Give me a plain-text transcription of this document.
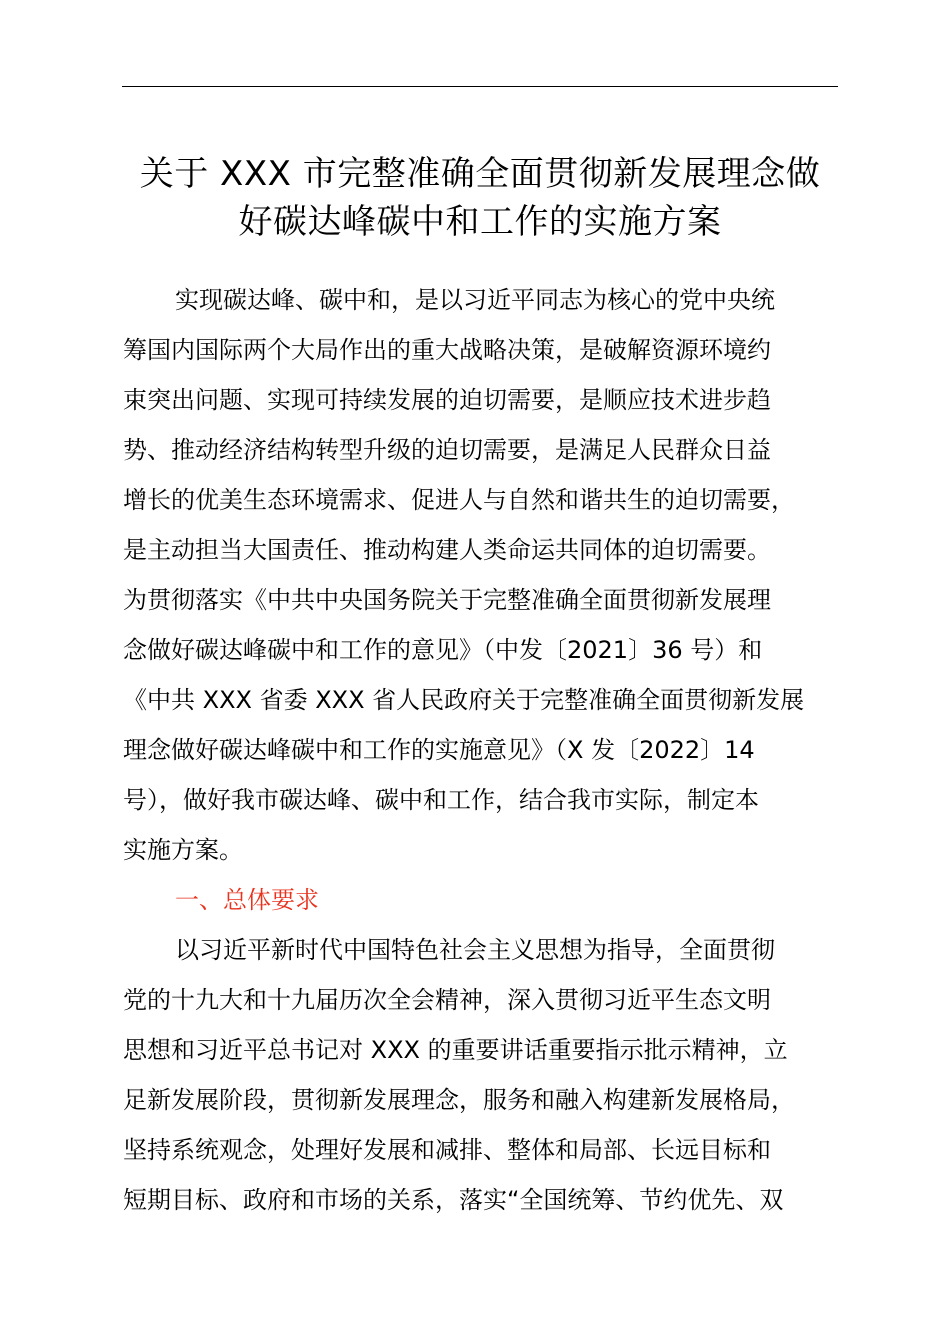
关于 XXX 市完整准确全面贯彻新发展理念做
好碳达峰碳中和工作的实施方案
实现碳达峰、碳中和，是以习近平同志为核心的党中央统
筹国内国际两个大局作出的重大战略决策，是破解资源环境约
束突出问题、实现可持续发展的迫切需要，是顺应技术进步趋
势、推动经济结构转型升级的迫切需要，是满足人民群众日益
增长的优美生态环境需求、促进人与自然和谐共生的迫切需要，
是主动担当大国责任、推动构建人类命运共同体的迫切需要。
为贯彻落实《中共中央国务院关于完整准确全面贯彻新发展理
念做好碳达峰碳中和工作的意见》（中发〔2021〕36 号）和
《中共 XXX 省委 XXX 省人民政府关于完整准确全面贯彻新发展
理念做好碳达峰碳中和工作的实施意见》（X 发〔2022〕14
号），做好我市碳达峰、碳中和工作，结合我市实际，制定本
实施方案。
一、总体要求
以习近平新时代中国特色社会主义思想为指导，全面贯彻
党的十九大和十九届历次全会精神，深入贯彻习近平生态文明
思想和习近平总书记对 XXX 的重要讲话重要指示批示精神，立
足新发展阶段，贯彻新发展理念，服务和融入构建新发展格局，
坚持系统观念，处理好发展和减排、整体和局部、长远目标和
短期目标、政府和市场的关系，落实“全国统筹、节约优先、双
